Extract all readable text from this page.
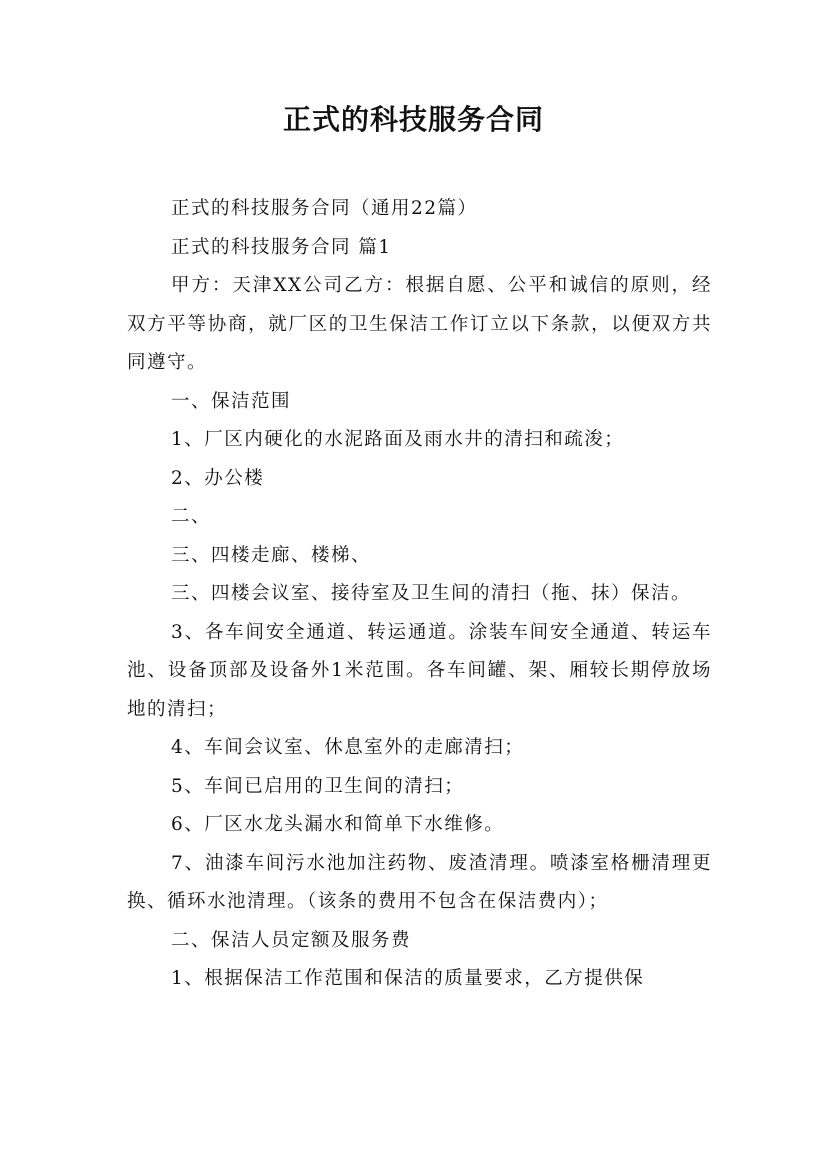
正式的科技服务合同

正式的科技服务合同（通用22篇）

正式的科技服务合同 篇1

甲方：天津XX公司乙方：根据自愿、公平和诚信的原则，经双方平等协商，就厂区的卫生保洁工作订立以下条款，以便双方共同遵守。

一、保洁范围

1、厂区内硬化的水泥路面及雨水井的清扫和疏浚；

2、办公楼

二、

三、四楼走廊、楼梯、

三、四楼会议室、接待室及卫生间的清扫（拖、抹）保洁。

3、各车间安全通道、转运通道。涂装车间安全通道、转运车池、设备顶部及设备外1米范围。各车间罐、架、厢较长期停放场地的清扫；

4、车间会议室、休息室外的走廊清扫；

5、车间已启用的卫生间的清扫；

6、厂区水龙头漏水和简单下水维修。

7、油漆车间污水池加注药物、废渣清理。喷漆室格栅清理更换、循环水池清理。（该条的费用不包含在保洁费内）；

二、保洁人员定额及服务费

1、根据保洁工作范围和保洁的质量要求，乙方提供保
